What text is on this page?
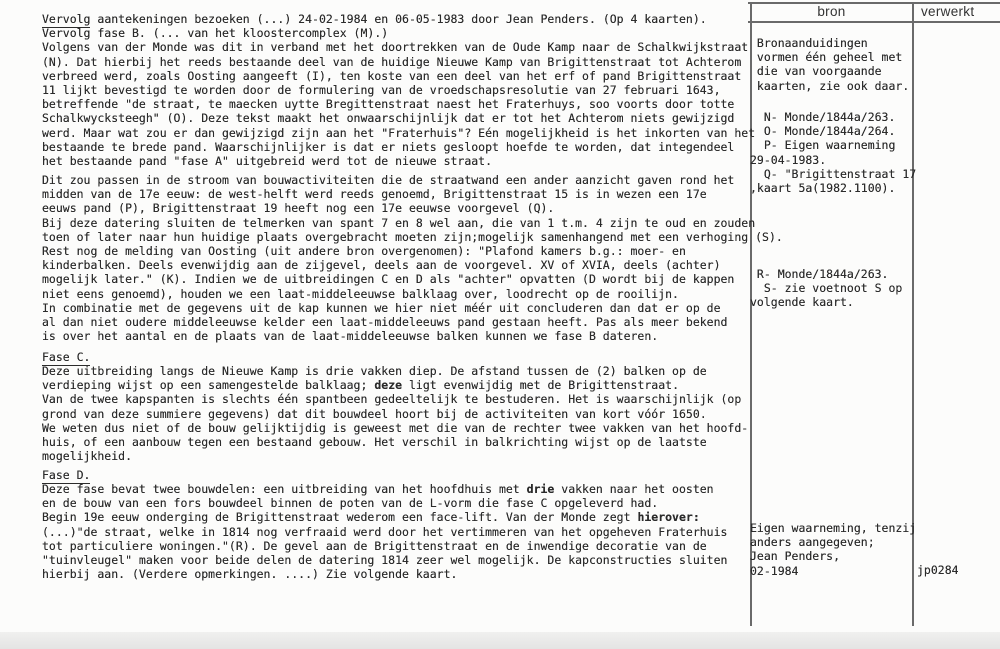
bron	verwerkt
Vervolg aantekeningen bezoeken (...) 24-02-1984 en 06-05-1983 door Jean Penders. (Op 4 kaarten).
Vervolg fase B. (... van het kloostercomplex (M).)
Volgens van der Monde was dit in verband met het doortrekken van de Oude Kamp naar de Schalkwijkstraat
(N). Dat hierbij het reeds bestaande deel van de huidige Nieuwe Kamp van Brigittenstraat tot Achterom
verbreed werd, zoals Oosting aangeeft (I), ten koste van een deel van het erf of pand Brigittenstraat
11 lijkt bevestigd te worden door de formulering van de vroedschapsresolutie van 27 februari 1643,
betreffende "de straat, te maecken uytte Bregittenstraat naest het Fraterhuys, soo voorts door totte
Schalkwycksteegh" (O). Deze tekst maakt het onwaarschijnlijk dat er tot het Achterom niets gewijzigd
werd. Maar wat zou er dan gewijzigd zijn aan het "Fraterhuis"? Eén mogelijkheid is het inkorten van het
bestaande te brede pand. Waarschijnlijker is dat er niets gesloopt hoefde te worden, dat integendeel
het bestaande pand "fase A" uitgebreid werd tot de nieuwe straat.
Dit zou passen in de stroom van bouwactiviteiten die de straatwand een ander aanzicht gaven rond het
midden van de 17e eeuw: de west-helft werd reeds genoemd, Brigittenstraat 15 is in wezen een 17e
eeuws pand (P), Brigittenstraat 19 heeft nog een 17e eeuwse voorgevel (Q).
Bij deze datering sluiten de telmerken van spant 7 en 8 wel aan, die van 1 t.m. 4 zijn te oud en zouden
toen of later naar hun huidige plaats overgebracht moeten zijn;mogelijk samenhangend met een verhoging (S).
Rest nog de melding van Oosting (uit andere bron overgenomen): "Plafond kamers b.g.: moer- en
kinderbalken. Deels evenwijdig aan de zijgevel, deels aan de voorgevel. XV of XVIA, deels (achter)
mogelijk later." (K). Indien we de uitbreidingen C en D als "achter" opvatten (D wordt bij de kappen
niet eens genoemd), houden we een laat-middeleeuwse balklaag over, loodrecht op de rooilijn.
In combinatie met de gegevens uit de kap kunnen we hier niet méér uit concluderen dan dat er op de
al dan niet oudere middeleeuwse kelder een laat-middeleeuws pand gestaan heeft. Pas als meer bekend
is over het aantal en de plaats van de laat-middeleeuwse balken kunnen we fase B dateren.
Fase C.
Deze uitbreiding langs de Nieuwe Kamp is drie vakken diep. De afstand tussen de (2) balken op de
verdieping wijst op een samengestelde balklaag; deze ligt evenwijdig met de Brigittenstraat.
Van de twee kapspanten is slechts één spantbeen gedeeltelijk te bestuderen. Het is waarschijnlijk (op
grond van deze summiere gegevens) dat dit bouwdeel hoort bij de activiteiten van kort vóór 1650.
We weten dus niet of de bouw gelijktijdig is geweest met die van de rechter twee vakken van het hoofd-
huis, of een aanbouw tegen een bestaand gebouw. Het verschil in balkrichting wijst op de laatste
mogelijkheid.
Fase D.
Deze fase bevat twee bouwdelen: een uitbreiding van het hoofdhuis met drie vakken naar het oosten
en de bouw van een fors bouwdeel binnen de poten van de L-vorm die fase C opgeleverd had.
Begin 19e eeuw onderging de Brigittenstraat wederom een face-lift. Van der Monde zegt hierover:
(...)"de straat, welke in 1814 nog verfraaid werd door het vertimmeren van het opgeheven Fraterhuis
tot particuliere woningen."(R). De gevel aan de Brigittenstraat en de inwendige decoratie van de
"tuinvleugel" maken voor beide delen de datering 1814 zeer wel mogelijk. De kapconstructies sluiten
hierbij aan. (Verdere opmerkingen. ....) Zie volgende kaart.
Bronaanduidingen
vormen één geheel met
die van voorgaande
kaarten, zie ook daar.
N- Monde/1844a/263.
O- Monde/1844a/264.
P- Eigen waarneming
29-04-1983.
Q- "Brigittenstraat 17
,kaart 5a(1982.1100).
R- Monde/1844a/263.
S- zie voetnoot S op
volgende kaart.
Eigen waarneming, tenzij
anders aangegeven;
Jean Penders,
02-1984	jp0284
